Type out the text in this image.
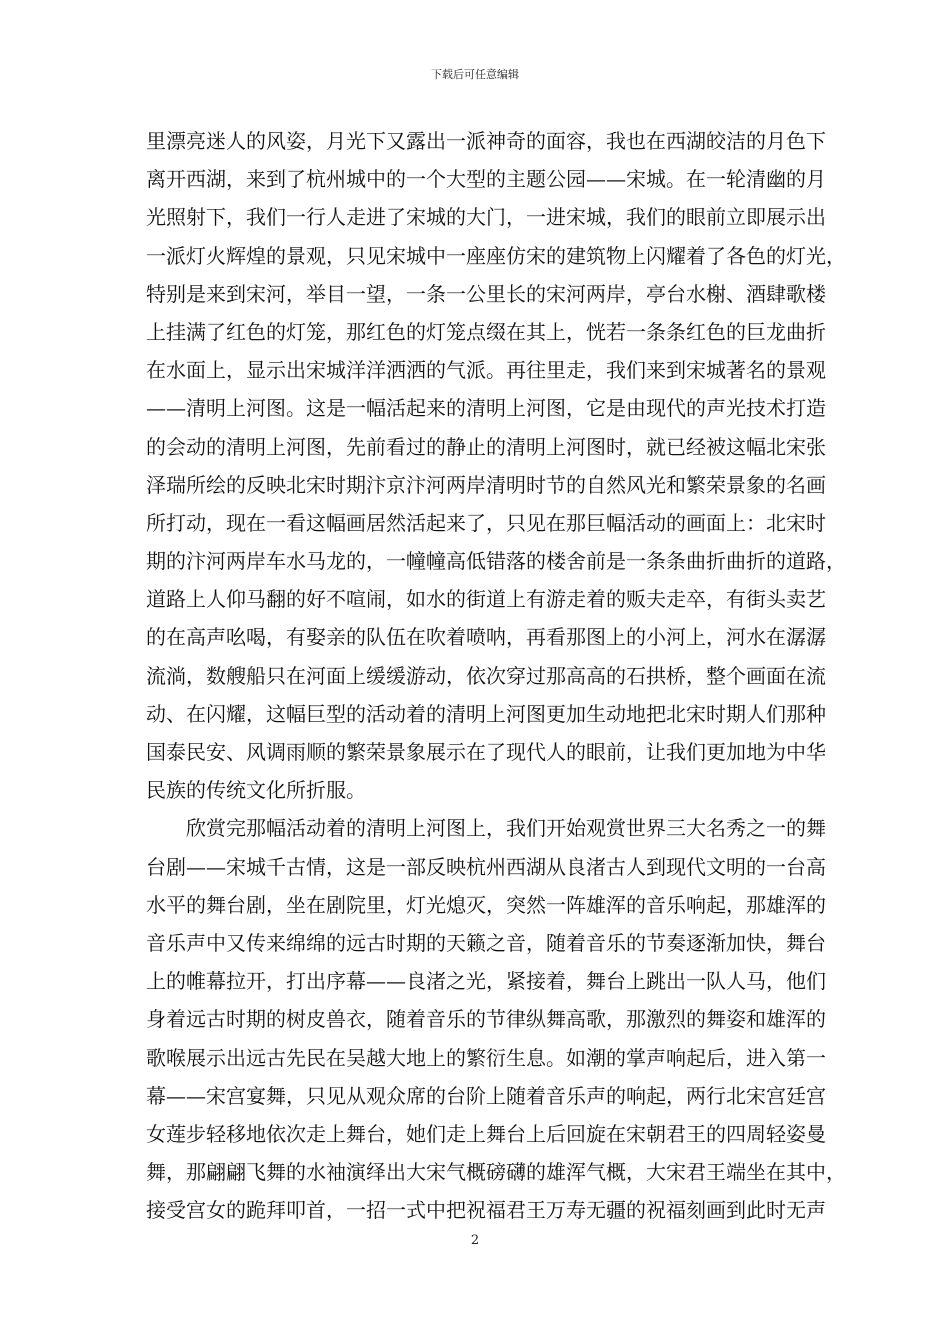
下载后可任意编辑
里漂亮迷人的风姿，月光下又露出一派神奇的面容，我也在西湖皎洁的月色下
离开西湖，来到了杭州城中的一个大型的主题公园——宋城。在一轮清幽的月
光照射下，我们一行人走进了宋城的大门，一进宋城，我们的眼前立即展示出
一派灯火辉煌的景观，只见宋城中一座座仿宋的建筑物上闪耀着了各色的灯光，
特别是来到宋河，举目一望，一条一公里长的宋河两岸，亭台水榭、酒肆歌楼
上挂满了红色的灯笼，那红色的灯笼点缀在其上，恍若一条条红色的巨龙曲折
在水面上，显示出宋城洋洋洒洒的气派。再往里走，我们来到宋城著名的景观
——清明上河图。这是一幅活起来的清明上河图，它是由现代的声光技术打造
的会动的清明上河图，先前看过的静止的清明上河图时，就已经被这幅北宋张
泽瑞所绘的反映北宋时期汴京汴河两岸清明时节的自然风光和繁荣景象的名画
所打动，现在一看这幅画居然活起来了，只见在那巨幅活动的画面上：北宋时
期的汴河两岸车水马龙的，一幢幢高低错落的楼舍前是一条条曲折曲折的道路，
道路上人仰马翻的好不喧闹，如水的街道上有游走着的贩夫走卒，有街头卖艺
的在高声吆喝，有娶亲的队伍在吹着喷呐，再看那图上的小河上，河水在潺潺
流淌，数艘船只在河面上缓缓游动，依次穿过那高高的石拱桥，整个画面在流
动、在闪耀，这幅巨型的活动着的清明上河图更加生动地把北宋时期人们那种
国泰民安、风调雨顺的繁荣景象展示在了现代人的眼前，让我们更加地为中华
民族的传统文化所折服。
欣赏完那幅活动着的清明上河图上，我们开始观赏世界三大名秀之一的舞
台剧——宋城千古情，这是一部反映杭州西湖从良渚古人到现代文明的一台高
水平的舞台剧，坐在剧院里，灯光熄灭，突然一阵雄浑的音乐响起，那雄浑的
音乐声中又传来绵绵的远古时期的天籁之音，随着音乐的节奏逐渐加快，舞台
上的帷幕拉开，打出序幕——良渚之光，紧接着，舞台上跳出一队人马，他们
身着远古时期的树皮兽衣，随着音乐的节律纵舞高歌，那激烈的舞姿和雄浑的
歌喉展示出远古先民在吴越大地上的繁衍生息。如潮的掌声响起后，进入第一
幕——宋宫宴舞，只见从观众席的台阶上随着音乐声的响起，两行北宋宫廷宫
女莲步轻移地依次走上舞台，她们走上舞台上后回旋在宋朝君王的四周轻姿曼
舞，那翩翩飞舞的水袖演绎出大宋气概磅礴的雄浑气概，大宋君王端坐在其中，
接受宫女的跪拜叩首，一招一式中把祝福君王万寿无疆的祝福刻画到此时无声
2
